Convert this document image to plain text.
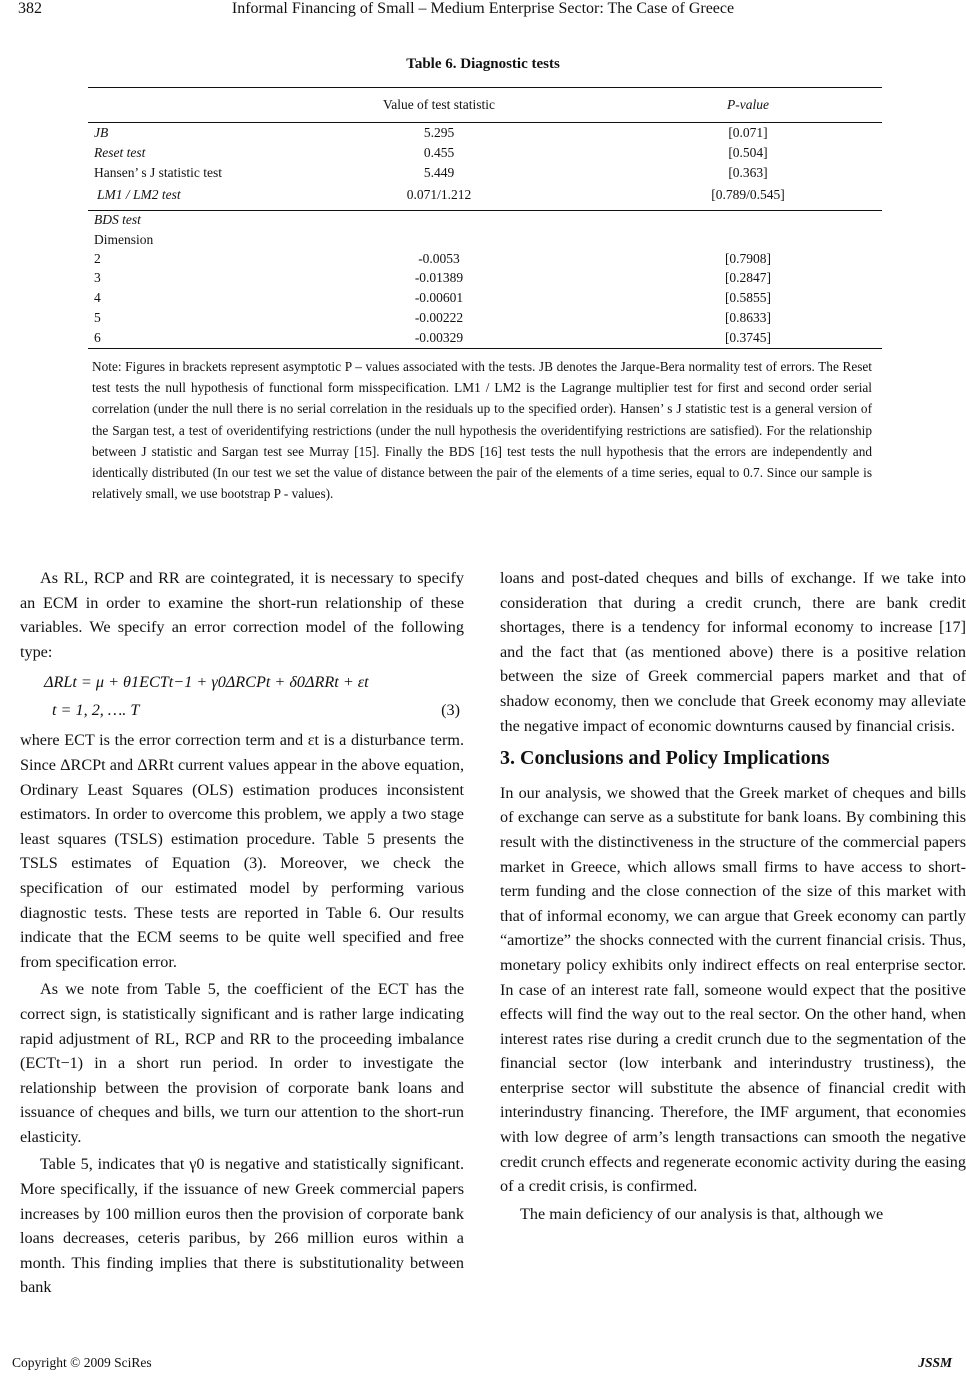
382	Informal Financing of Small – Medium Enterprise Sector: The Case of Greece
Table 6. Diagnostic tests
Value of test statistic	P-value
JB	5.295	[0.071]
Reset test	0.455	[0.504]
Hansen’ s J statistic test	5.449	[0.363]
LM1 / LM2 test	0.071/1.212	[0.789/0.545]
BDS test
Dimension
2	-0.0053	[0.7908]
3	-0.01389	[0.2847]
4	-0.00601	[0.5855]
5	-0.00222	[0.8633]
6	-0.00329	[0.3745]
Note: Figures in brackets represent asymptotic P – values associated with the tests. JB denotes the Jarque-Bera normality test of errors. The Reset test tests the null hypothesis of functional form misspecification. LM1 / LM2 is the Lagrange multiplier test for first and second order serial correlation (under the null there is no serial correlation in the residuals up to the specified order). Hansen’ s J statistic test is a general version of the Sargan test, a test of overidentifying restrictions (under the null hypothesis the overidentifying restrictions are satisfied). For the relationship between J statistic and Sargan test see Murray [15]. Finally the BDS [16] test tests the null hypothesis that the errors are independently and identically distributed (In our test we set the value of distance between the pair of the elements of a time series, equal to 0.7. Since our sample is relatively small, we use bootstrap P - values).

As RL, RCP and RR are cointegrated, it is necessary to specify an ECM in order to examine the short-run relationship of these variables. We specify an error correction model of the following type:

ΔRLt = μ + θ1ECTt−1 + γ0ΔRCPt + δ0ΔRRt + εt
t = 1, 2, …. T	(3)

where ECT is the error correction term and εt is a disturbance term. Since ΔRCPt and ΔRRt current values appear in the above equation, Ordinary Least Squares (OLS) estimation produces inconsistent estimators. In order to overcome this problem, we apply a two stage least squares (TSLS) estimation procedure. Table 5 presents the TSLS estimates of Equation (3). Moreover, we check the specification of our estimated model by performing various diagnostic tests. These tests are reported in Table 6. Our results indicate that the ECM seems to be quite well specified and free from specification error.

As we note from Table 5, the coefficient of the ECT has the correct sign, is statistically significant and is rather large indicating rapid adjustment of RL, RCP and RR to the proceeding imbalance (ECTt−1) in a short run period. In order to investigate the relationship between the provision of corporate bank loans and issuance of cheques and bills, we turn our attention to the short-run elasticity.

Table 5, indicates that γ0 is negative and statistically significant. More specifically, if the issuance of new Greek commercial papers increases by 100 million euros then the provision of corporate bank loans decreases, ceteris paribus, by 266 million euros within a month. This finding implies that there is substitutionality between bank

loans and post-dated cheques and bills of exchange. If we take into consideration that during a credit crunch, there are bank credit shortages, there is a tendency for informal economy to increase [17] and the fact that (as mentioned above) there is a positive relation between the size of Greek commercial papers market and that of shadow economy, then we conclude that Greek economy may alleviate the negative impact of economic downturns caused by financial crisis.

3. Conclusions and Policy Implications

In our analysis, we showed that the Greek market of cheques and bills of exchange can serve as a substitute for bank loans. By combining this result with the distinctiveness in the structure of the commercial papers market in Greece, which allows small firms to have access to short-term funding and the close connection of the size of this market with that of informal economy, we can argue that Greek economy can partly “amortize” the shocks connected with the current financial crisis. Thus, monetary policy exhibits only indirect effects on real enterprise sector. In case of an interest rate fall, someone would expect that the positive effects will find the way out to the real sector. On the other hand, when interest rates rise during a credit crunch due to the segmentation of the financial sector (low interbank and interindustry trustiness), the enterprise sector will substitute the absence of financial credit with interindustry financing. Therefore, the IMF argument, that economies with low degree of arm’s length transactions can smooth the negative credit crunch effects and regenerate economic activity during the easing of a credit crisis, is confirmed.

The main deficiency of our analysis is that, although we

Copyright © 2009 SciRes	JSSM
